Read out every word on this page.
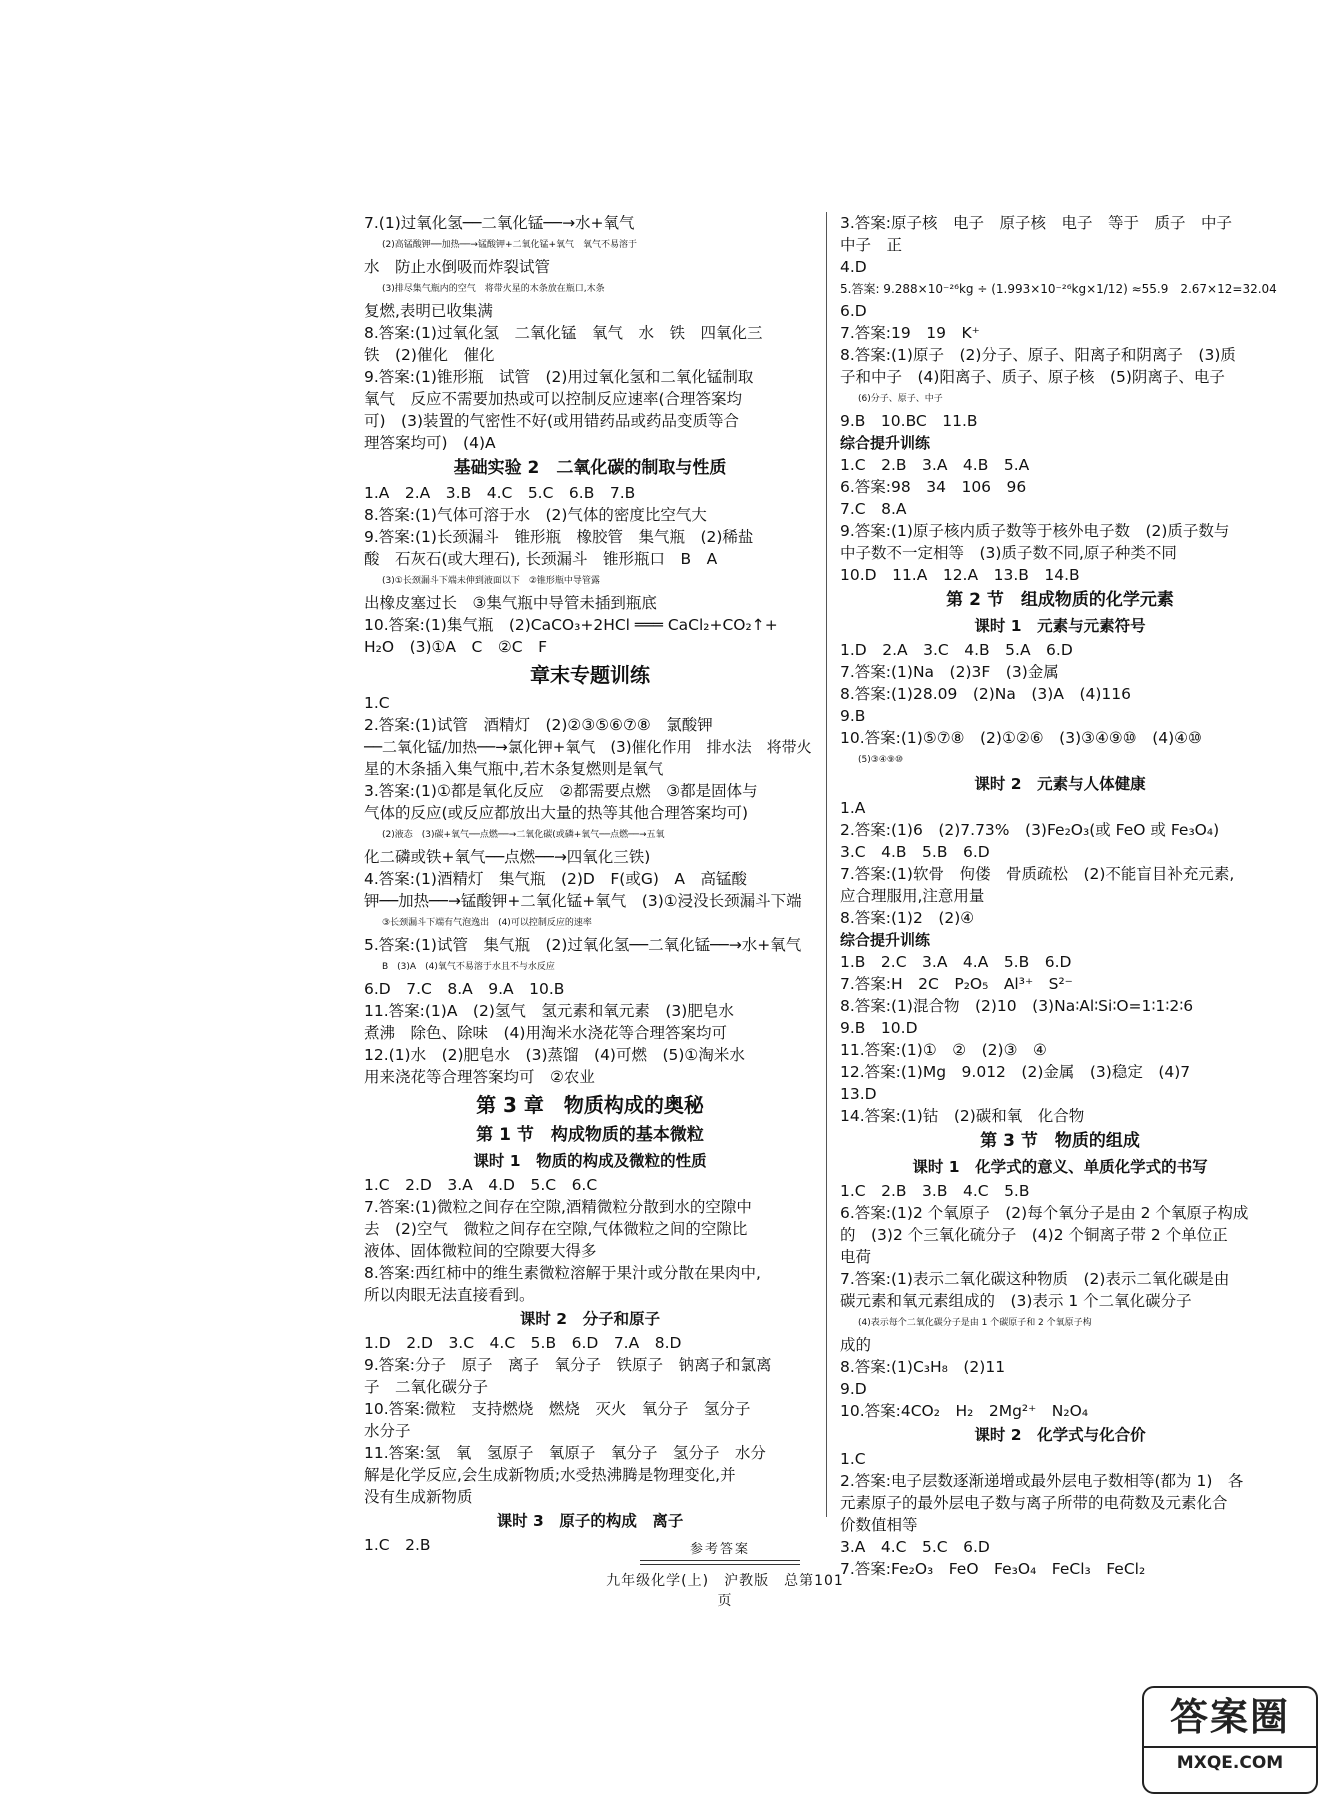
7.(1)过氧化氢──二氧化锰──→水+氧气
(2)高锰酸钾──加热──→锰酸钾+二氧化锰+氧气　氧气不易溶于
水　防止水倒吸而炸裂试管
(3)排尽集气瓶内的空气　将带火星的木条放在瓶口,木条
复燃,表明已收集满
8.答案:(1)过氧化氢　二氧化锰　氧气　水　铁　四氧化三
铁　(2)催化　催化
9.答案:(1)锥形瓶　试管　(2)用过氧化氢和二氧化锰制取
氧气　反应不需要加热或可以控制反应速率(合理答案均
可)　(3)装置的气密性不好(或用错药品或药品变质等合
理答案均可)　(4)A
基础实验 2　二氧化碳的制取与性质
1.A　2.A　3.B　4.C　5.C　6.B　7.B
8.答案:(1)气体可溶于水　(2)气体的密度比空气大
9.答案:(1)长颈漏斗　锥形瓶　橡胶管　集气瓶　(2)稀盐
酸　石灰石(或大理石), 长颈漏斗　锥形瓶口　B　A
(3)①长颈漏斗下端未伸到液面以下　②锥形瓶中导管露
出橡皮塞过长　③集气瓶中导管未插到瓶底
10.答案:(1)集气瓶　(2)CaCO₃+2HCl ═══ CaCl₂+CO₂↑+
H₂O　(3)①A　C　②C　F
章末专题训练
1.C
2.答案:(1)试管　酒精灯　(2)②③⑤⑥⑦⑧　氯酸钾
──二氧化锰/加热──→氯化钾+氧气　(3)催化作用　排水法　将带火
星的木条插入集气瓶中,若木条复燃则是氧气
3.答案:(1)①都是氧化反应　②都需要点燃　③都是固体与
气体的反应(或反应都放出大量的热等其他合理答案均可)
(2)液态　(3)碳+氧气──点燃──→二氧化碳(或磷+氧气──点燃──→五氧
化二磷或铁+氧气──点燃──→四氧化三铁)
4.答案:(1)酒精灯　集气瓶　(2)D　F(或G)　A　高锰酸
钾──加热──→锰酸钾+二氧化锰+氧气　(3)①浸没长颈漏斗下端
③长颈漏斗下端有气泡逸出　(4)可以控制反应的速率
5.答案:(1)试管　集气瓶　(2)过氧化氢──二氧化锰──→水+氧气
B　(3)A　(4)氧气不易溶于水且不与水反应
6.D　7.C　8.A　9.A　10.B
11.答案:(1)A　(2)氢气　氢元素和氧元素　(3)肥皂水
煮沸　除色、除味　(4)用淘米水浇花等合理答案均可
12.(1)水　(2)肥皂水　(3)蒸馏　(4)可燃　(5)①淘米水
用来浇花等合理答案均可　②农业
第 3 章　物质构成的奥秘
第 1 节　构成物质的基本微粒
课时 1　物质的构成及微粒的性质
1.C　2.D　3.A　4.D　5.C　6.C
7.答案:(1)微粒之间存在空隙,酒精微粒分散到水的空隙中
去　(2)空气　微粒之间存在空隙,气体微粒之间的空隙比
液体、固体微粒间的空隙要大得多
8.答案:西红柿中的维生素微粒溶解于果汁或分散在果肉中,
所以肉眼无法直接看到。
课时 2　分子和原子
1.D　2.D　3.C　4.C　5.B　6.D　7.A　8.D
9.答案:分子　原子　离子　氧分子　铁原子　钠离子和氯离
子　二氧化碳分子
10.答案:微粒　支持燃烧　燃烧　灭火　氧分子　氢分子
水分子
11.答案:氢　氧　氢原子　氧原子　氧分子　氢分子　水分
解是化学反应,会生成新物质;水受热沸腾是物理变化,并
没有生成新物质
课时 3　原子的构成　离子
1.C　2.B
3.答案:原子核　电子　原子核　电子　等于　质子　中子
中子　正
4.D
5.答案: 9.288×10⁻²⁶kg ÷ (1.993×10⁻²⁶kg×1/12) ≈55.9　2.67×12=32.04
6.D
7.答案:19　19　K⁺
8.答案:(1)原子　(2)分子、原子、阳离子和阴离子　(3)质
子和中子　(4)阳离子、质子、原子核　(5)阴离子、电子
(6)分子、原子、中子
9.B　10.BC　11.B
综合提升训练
1.C　2.B　3.A　4.B　5.A
6.答案:98　34　106　96
7.C　8.A
9.答案:(1)原子核内质子数等于核外电子数　(2)质子数与
中子数不一定相等　(3)质子数不同,原子种类不同
10.D　11.A　12.A　13.B　14.B
第 2 节　组成物质的化学元素
课时 1　元素与元素符号
1.D　2.A　3.C　4.B　5.A　6.D
7.答案:(1)Na　(2)3F　(3)金属
8.答案:(1)28.09　(2)Na　(3)A　(4)116
9.B
10.答案:(1)⑤⑦⑧　(2)①②⑥　(3)③④⑨⑩　(4)④⑩
(5)③④⑨⑩
课时 2　元素与人体健康
1.A
2.答案:(1)6　(2)7.73%　(3)Fe₂O₃(或 FeO 或 Fe₃O₄)
3.C　4.B　5.B　6.D
7.答案:(1)软骨　佝偻　骨质疏松　(2)不能盲目补充元素,
应合理服用,注意用量
8.答案:(1)2　(2)④
综合提升训练
1.B　2.C　3.A　4.A　5.B　6.D
7.答案:H　2C　P₂O₅　Al³⁺　S²⁻
8.答案:(1)混合物　(2)10　(3)Na∶Al∶Si∶O=1∶1∶2∶6
9.B　10.D
11.答案:(1)①　②　(2)③　④
12.答案:(1)Mg　9.012　(2)金属　(3)稳定　(4)7
13.D
14.答案:(1)钴　(2)碳和氧　化合物
第 3 节　物质的组成
课时 1　化学式的意义、单质化学式的书写
1.C　2.B　3.B　4.C　5.B
6.答案:(1)2 个氧原子　(2)每个氧分子是由 2 个氧原子构成
的　(3)2 个三氧化硫分子　(4)2 个铜离子带 2 个单位正
电荷
7.答案:(1)表示二氧化碳这种物质　(2)表示二氧化碳是由
碳元素和氧元素组成的　(3)表示 1 个二氧化碳分子
(4)表示每个二氧化碳分子是由 1 个碳原子和 2 个氧原子构
成的
8.答案:(1)C₃H₈　(2)11
9.D
10.答案:4CO₂　H₂　2Mg²⁺　N₂O₄
课时 2　化学式与化合价
1.C
2.答案:电子层数逐渐递增或最外层电子数相等(都为 1)　各
元素原子的最外层电子数与离子所带的电荷数及元素化合
价数值相等
3.A　4.C　5.C　6.D
7.答案:Fe₂O₃　FeO　Fe₃O₄　FeCl₃　FeCl₂
参考答案
九年级化学(上)　沪教版　总第101页
答案圈
MXQE.COM
